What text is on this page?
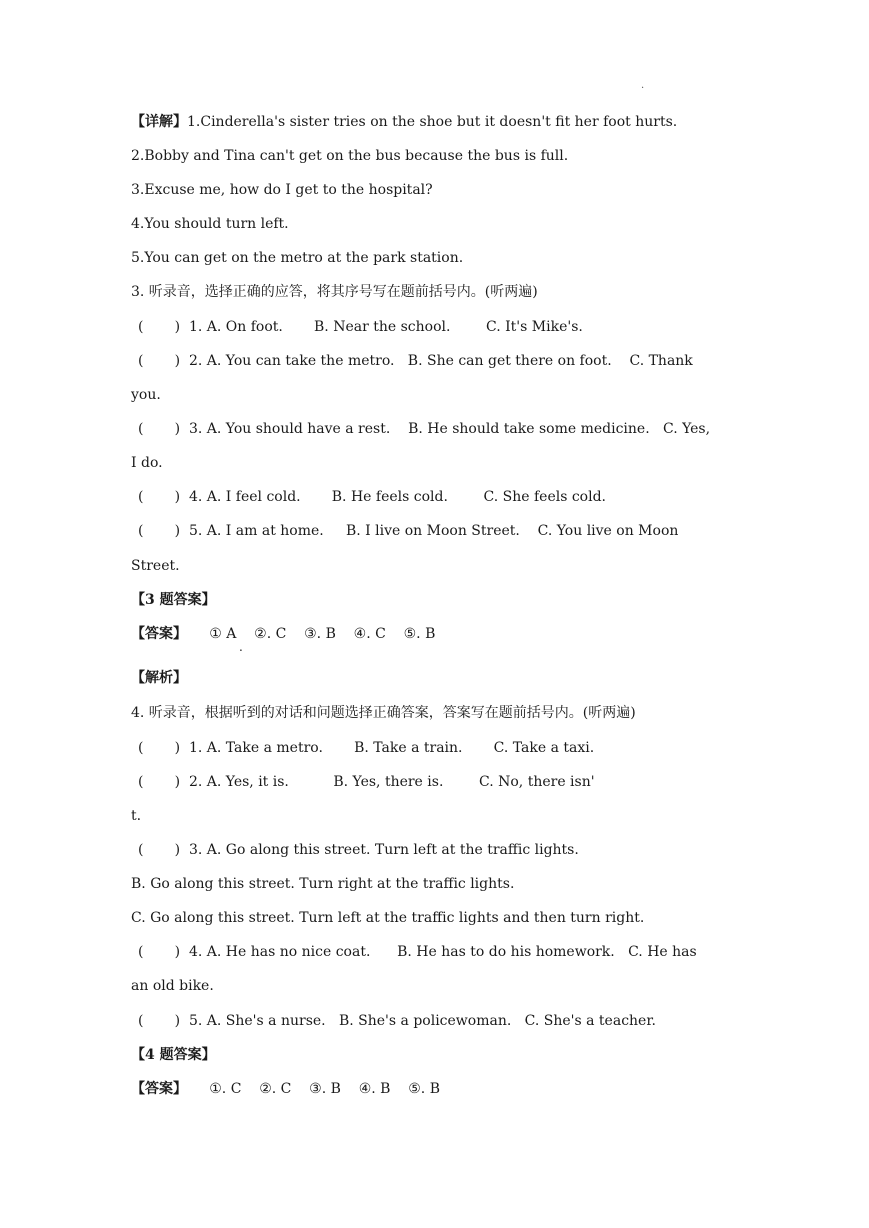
.
【详解】1.Cinderella's sister tries on the shoe but it doesn't fit her foot hurts.
2.Bobby and Tina can't get on the bus because the bus is full.
3.Excuse me, how do I get to the hospital?
4.You should turn left.
5.You can get on the metro at the park station.
3. 听录音，选择正确的应答，将其序号写在题前括号内。(听两遍)
(       )  1. A. On foot.       B. Near the school.        C. It's Mike's.
(       )  2. A. You can take the metro.   B. She can get there on foot.    C. Thank
you.
(       )  3. A. You should have a rest.    B. He should take some medicine.   C. Yes,
I do.
(       )  4. A. I feel cold.       B. He feels cold.        C. She feels cold.
(       )  5. A. I am at home.     B. I live on Moon Street.    C. You live on Moon
Street.
【3 题答案】
【答案】     ① A    ②. C    ③. B    ④. C    ⑤. B
.
【解析】
4. 听录音，根据听到的对话和问题选择正确答案，答案写在题前括号内。(听两遍)
(       )  1. A. Take a metro.       B. Take a train.       C. Take a taxi.
(       )  2. A. Yes, it is.          B. Yes, there is.        C. No, there isn'
t.
(       )  3. A. Go along this street. Turn left at the traffic lights.
B. Go along this street. Turn right at the traffic lights.
C. Go along this street. Turn left at the traffic lights and then turn right.
(       )  4. A. He has no nice coat.      B. He has to do his homework.   C. He has
an old bike.
(       )  5. A. She's a nurse.   B. She's a policewoman.   C. She's a teacher.
【4 题答案】
【答案】     ①. C    ②. C    ③. B    ④. B    ⑤. B
